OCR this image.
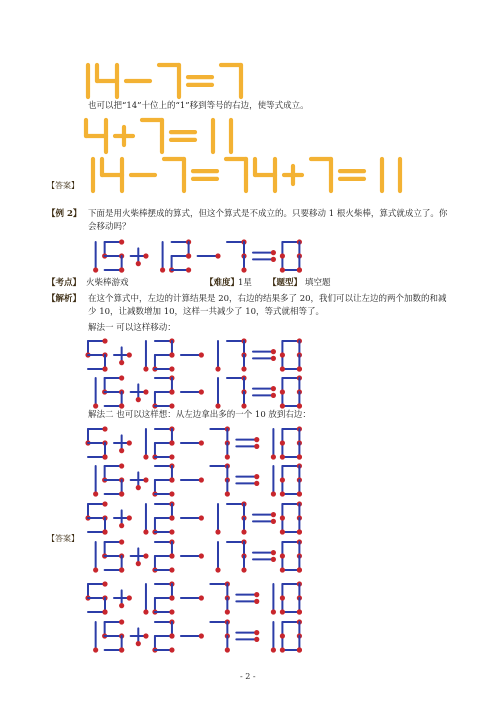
也可以把“14”十位上的“1”移到等号的右边，使等式成立。
【答案】
【例 2】 下面是用火柴棒摆成的算式，但这个算式是不成立的。只要移动 1 根火柴棒，算式就成立了。你
会移动吗？
【考点】 火柴棒游戏	【难度】
1星 【题型】 填空题
【解析】 在这个算式中，左边的计算结果是 20，右边的结果多了 20，我们可以让左边的两个加数的和减
少 10，让减数增加 10，这样一共减少了 10，等式就相等了。
解法一 可以这样移动：
解法二 也可以这样想：从左边拿出多的一个 10 放到右边：
【答案】
- 2 -
